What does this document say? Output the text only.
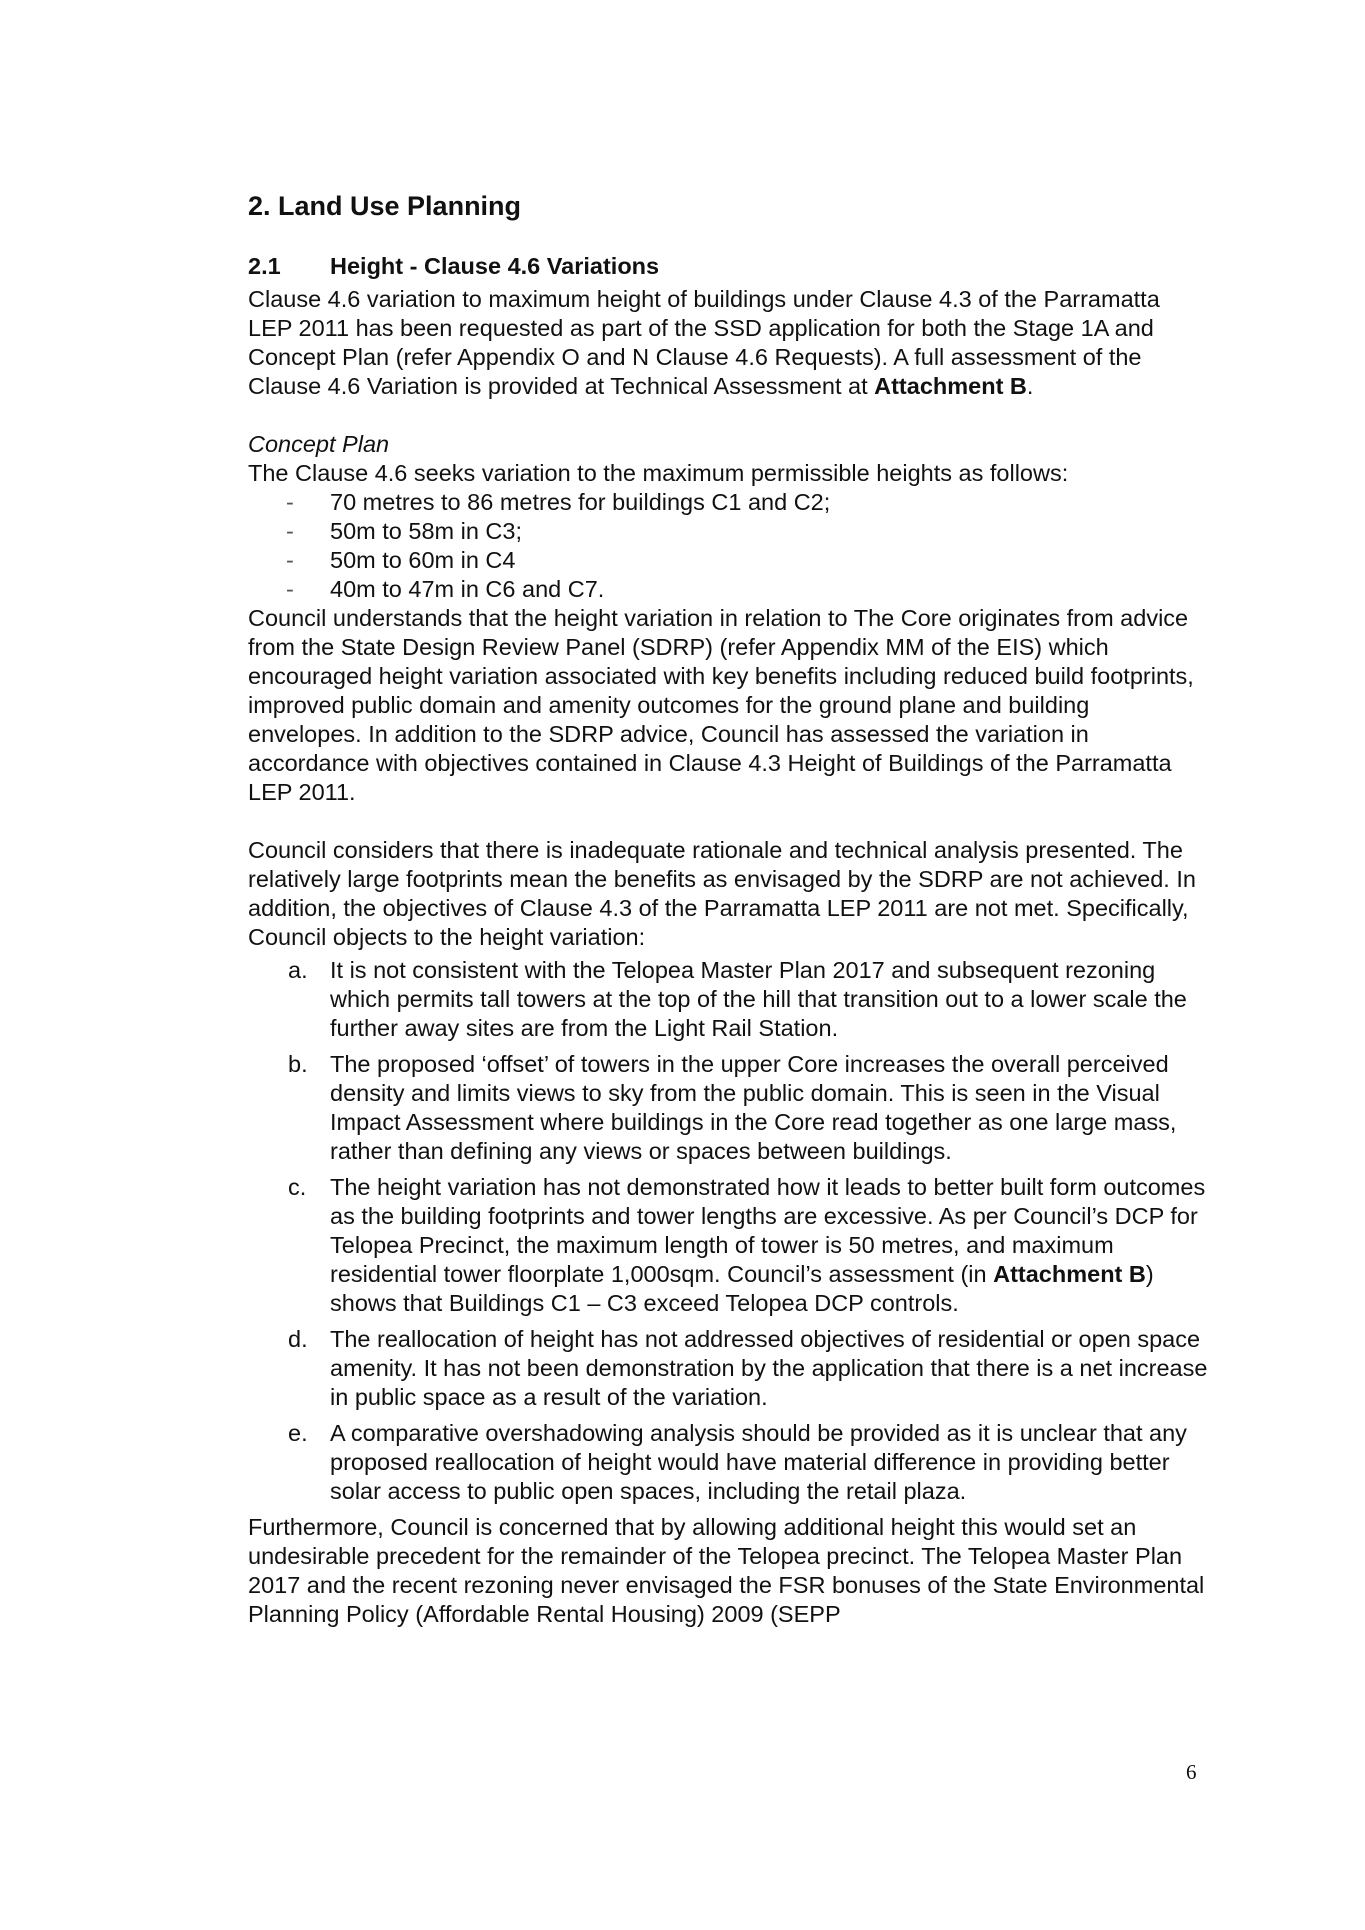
2. Land Use Planning
2.1 Height - Clause 4.6 Variations

Clause 4.6 variation to maximum height of buildings under Clause 4.3 of the Parramatta LEP 2011 has been requested as part of the SSD application for both the Stage 1A and Concept Plan (refer Appendix O and N Clause 4.6 Requests). A full assessment of the Clause 4.6 Variation is provided at Technical Assessment at Attachment B.

Concept Plan

The Clause 4.6 seeks variation to the maximum permissible heights as follows:

- 70 metres to 86 metres for buildings C1 and C2;
- 50m to 58m in C3;
- 50m to 60m in C4
- 40m to 47m in C6 and C7.

Council understands that the height variation in relation to The Core originates from advice from the State Design Review Panel (SDRP) (refer Appendix MM of the EIS) which encouraged height variation associated with key benefits including reduced build footprints, improved public domain and amenity outcomes for the ground plane and building envelopes. In addition to the SDRP advice, Council has assessed the variation in accordance with objectives contained in Clause 4.3 Height of Buildings of the Parramatta LEP 2011.

Council considers that there is inadequate rationale and technical analysis presented. The relatively large footprints mean the benefits as envisaged by the SDRP are not achieved. In addition, the objectives of Clause 4.3 of the Parramatta LEP 2011 are not met. Specifically, Council objects to the height variation:

a. It is not consistent with the Telopea Master Plan 2017 and subsequent rezoning which permits tall towers at the top of the hill that transition out to a lower scale the further away sites are from the Light Rail Station.
b. The proposed ‘offset’ of towers in the upper Core increases the overall perceived density and limits views to sky from the public domain. This is seen in the Visual Impact Assessment where buildings in the Core read together as one large mass, rather than defining any views or spaces between buildings.
c. The height variation has not demonstrated how it leads to better built form outcomes as the building footprints and tower lengths are excessive. As per Council’s DCP for Telopea Precinct, the maximum length of tower is 50 metres, and maximum residential tower floorplate 1,000sqm. Council’s assessment (in Attachment B) shows that Buildings C1 – C3 exceed Telopea DCP controls.
d. The reallocation of height has not addressed objectives of residential or open space amenity. It has not been demonstration by the application that there is a net increase in public space as a result of the variation.
e. A comparative overshadowing analysis should be provided as it is unclear that any proposed reallocation of height would have material difference in providing better solar access to public open spaces, including the retail plaza.

Furthermore, Council is concerned that by allowing additional height this would set an undesirable precedent for the remainder of the Telopea precinct. The Telopea Master Plan 2017 and the recent rezoning never envisaged the FSR bonuses of the State Environmental Planning Policy (Affordable Rental Housing) 2009 (SEPP

6
